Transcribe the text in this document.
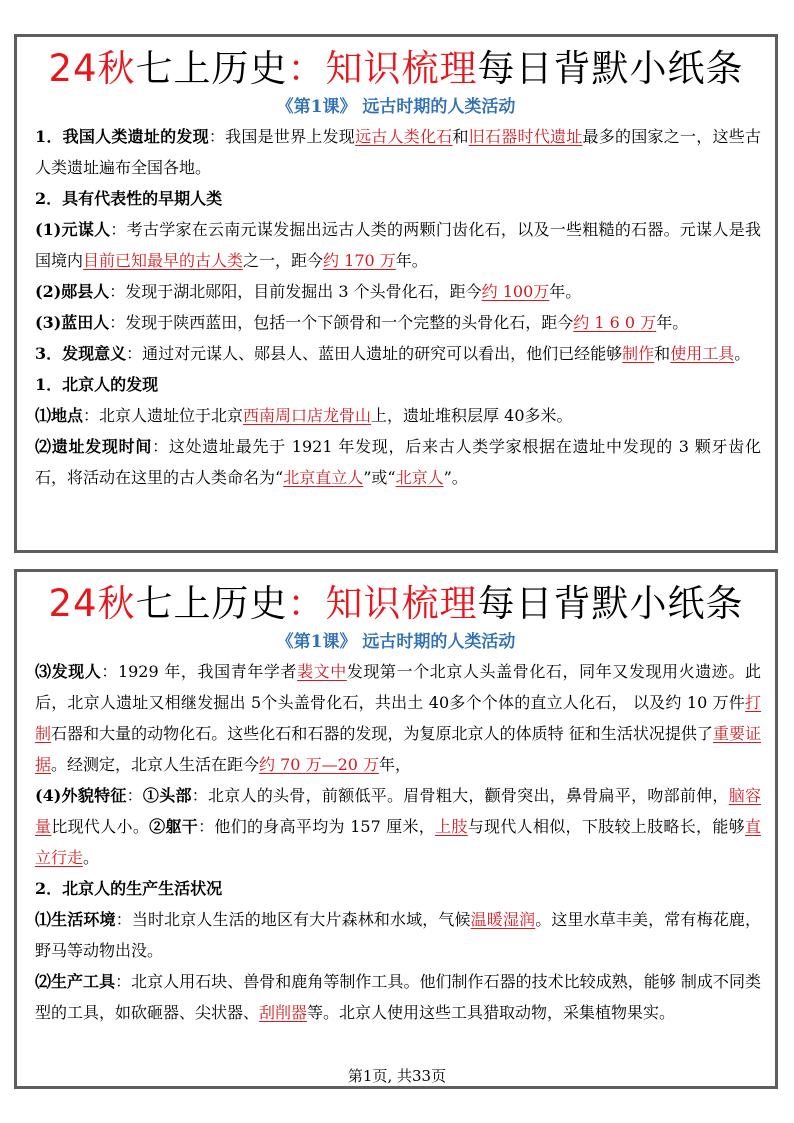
24秋七上历史：知识梳理每日背默小纸条
《第1课》 远古时期的人类活动

1．我国人类遗址的发现：我国是世界上发现远古人类化石和旧石器时代遗址最多的国家之一，这些古人类遗址遍布全国各地。

2．具有代表性的早期人类

(1)元谋人：考古学家在云南元谋发掘出远古人类的两颗门齿化石，以及一些粗糙的石器。元谋人是我国境内目前已知最早的古人类之一，距今约 170 万年。

(2)郧县人：发现于湖北郧阳，目前发掘出 3 个头骨化石，距今约 100万年。

(3)蓝田人：发现于陕西蓝田，包括一个下颌骨和一个完整的头骨化石，距今约 1 6 0 万年。

3．发现意义：通过对元谋人、郧县人、蓝田人遗址的研究可以看出，他们已经能够制作和使用工具。

1．北京人的发现

⑴地点：北京人遗址位于北京西南周口店龙骨山上，遗址堆积层厚 40多米。

⑵遗址发现时间：这处遗址最先于 1921 年发现，后来古人类学家根据在遗址中发现的 3 颗牙齿化石，将活动在这里的古人类命名为“北京直立人”或“北京人”。

24秋七上历史：知识梳理每日背默小纸条
《第1课》 远古时期的人类活动

⑶发现人：1929 年，我国青年学者裴文中发现第一个北京人头盖骨化石，同年又发现用火遗迹。此后，北京人遗址又相继发掘出 5个头盖骨化石，共出土 40多个个体的直立人化石， 以及约 10 万件打制石器和大量的动物化石。这些化石和石器的发现，为复原北京人的体质特 征和生活状况提供了重要证据。经测定，北京人生活在距今约 70 万—20 万年，

(4)外貌特征：①头部：北京人的头骨，前额低平。眉骨粗大，颧骨突出，鼻骨扁平，吻部前伸，脑容量比现代人小。②躯干：他们的身高平均为 157 厘米，上肢与现代人相似，下肢较上肢略长，能够直立行走。

2．北京人的生产生活状况

⑴生活环境：当时北京人生活的地区有大片森林和水域，气候温暖湿润。这里水草丰美，常有梅花鹿，野马等动物出没。

⑵生产工具：北京人用石块、兽骨和鹿角等制作工具。他们制作石器的技术比较成熟，能够 制成不同类型的工具，如砍砸器、尖状器、刮削器等。北京人使用这些工具猎取动物，采集植物果实。

第1页, 共33页
